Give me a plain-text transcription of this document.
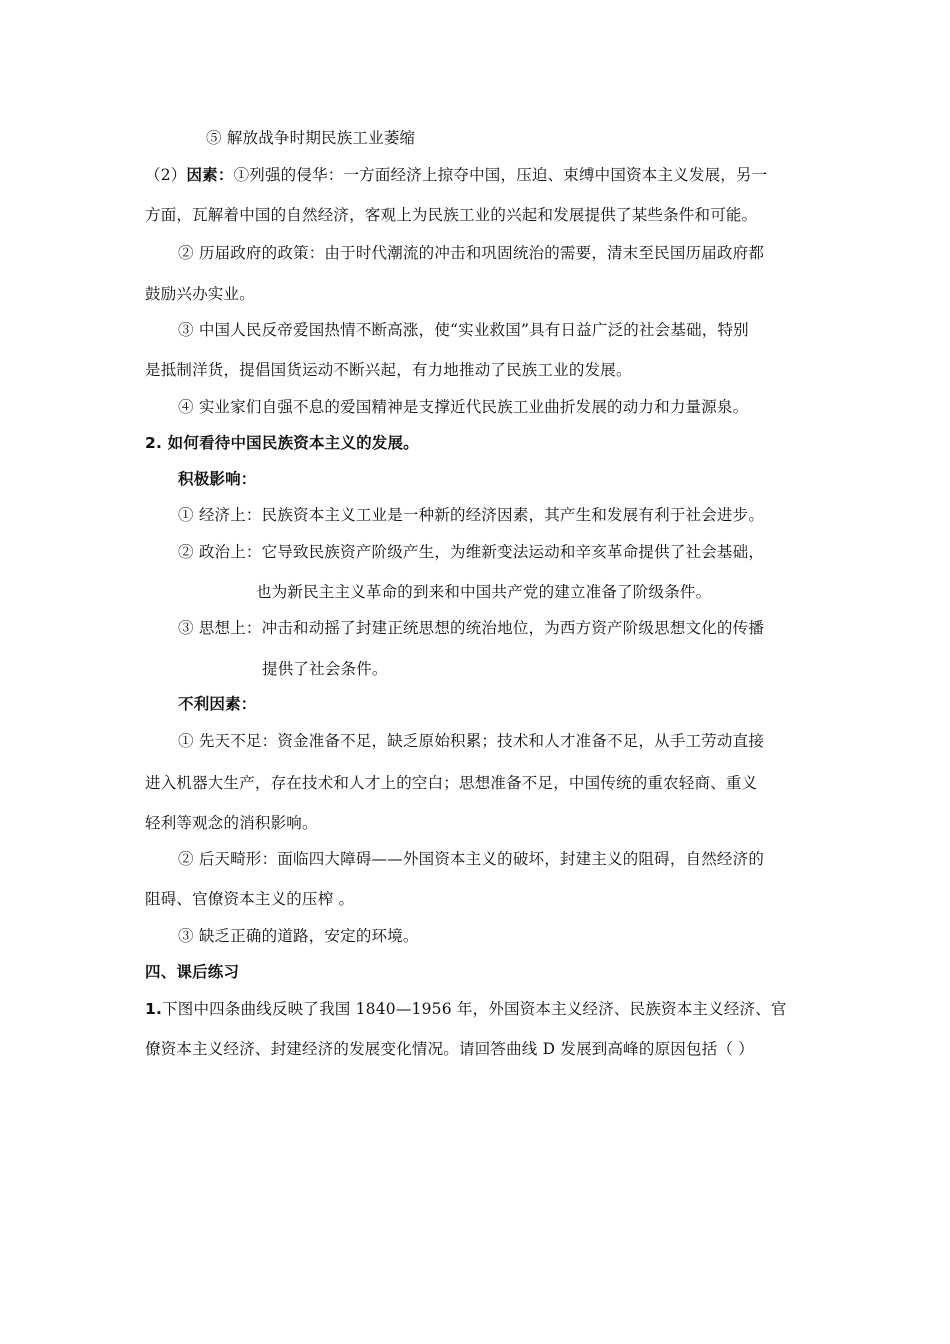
⑤ 解放战争时期民族工业萎缩
（2）因素：①列强的侵华：一方面经济上掠夺中国，压迫、束缚中国资本主义发展，另一
方面，瓦解着中国的自然经济，客观上为民族工业的兴起和发展提供了某些条件和可能。
② 历届政府的政策：由于时代潮流的冲击和巩固统治的需要，清末至民国历届政府都
鼓励兴办实业。
③ 中国人民反帝爱国热情不断高涨，使“实业救国”具有日益广泛的社会基础，特别
是抵制洋货，提倡国货运动不断兴起，有力地推动了民族工业的发展。
④ 实业家们自强不息的爱国精神是支撑近代民族工业曲折发展的动力和力量源泉。
2. 如何看待中国民族资本主义的发展。
积极影响：
① 经济上：民族资本主义工业是一种新的经济因素，其产生和发展有利于社会进步。
② 政治上：它导致民族资产阶级产生，为维新变法运动和辛亥革命提供了社会基础，
也为新民主主义革命的到来和中国共产党的建立准备了阶级条件。
③ 思想上：冲击和动摇了封建正统思想的统治地位，为西方资产阶级思想文化的传播
提供了社会条件。
不利因素：
① 先天不足：资金准备不足，缺乏原始积累；技术和人才准备不足，从手工劳动直接
进入机器大生产，存在技术和人才上的空白；思想准备不足，中国传统的重农轻商、重义
轻利等观念的消积影响。
② 后天畸形：面临四大障碍——外国资本主义的破坏，封建主义的阻碍，自然经济的
阻碍、官僚资本主义的压榨 。
③ 缺乏正确的道路，安定的环境。
四、课后练习
1.下图中四条曲线反映了我国 1840—1956 年，外国资本主义经济、民族资本主义经济、官
僚资本主义经济、封建经济的发展变化情况。请回答曲线 D 发展到高峰的原因包括（ ）
